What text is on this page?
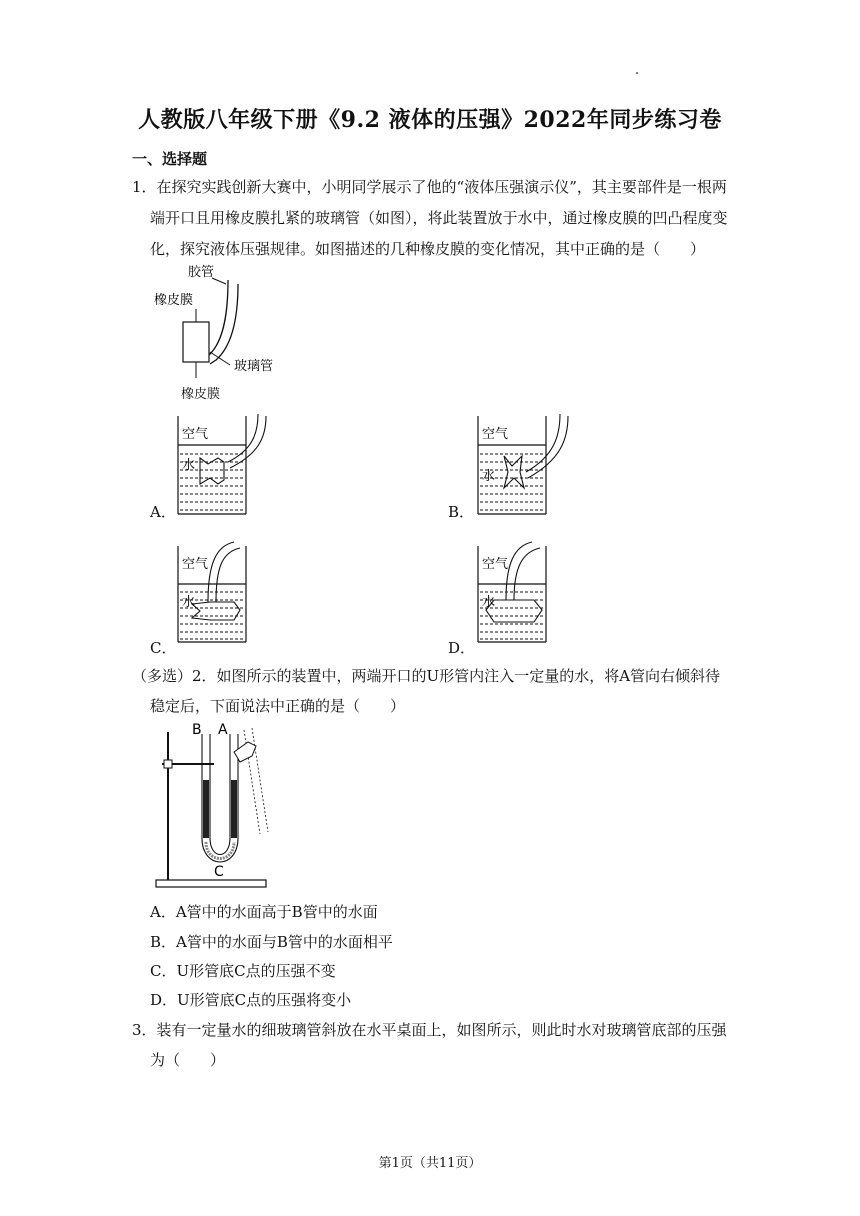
人教版八年级下册《9.2 液体的压强》2022年同步练习卷
一、选择题
1．在探究实践创新大赛中，小明同学展示了他的“液体压强演示仪”，其主要部件是一根两
端开口且用橡皮膜扎紧的玻璃管（如图），将此装置放于水中，通过橡皮膜的凹凸程度变
化，探究液体压强规律。如图描述的几种橡皮膜的变化情况，其中正确的是（　　）
胶管
橡皮膜
玻璃管
橡皮膜
空气
水
A．
空气
水
B．
空气
水
C．
空气
水
D．
（多选）2．如图所示的装置中，两端开口的U形管内注入一定量的水，将A管向右倾斜待
稳定后，下面说法中正确的是（　　）
B A
C
A．A管中的水面高于B管中的水面
B．A管中的水面与B管中的水面相平
C．U形管底C点的压强不变
D．U形管底C点的压强将变小
3．装有一定量水的细玻璃管斜放在水平桌面上，如图所示，则此时水对玻璃管底部的压强
为（　　）
第1页（共11页）
